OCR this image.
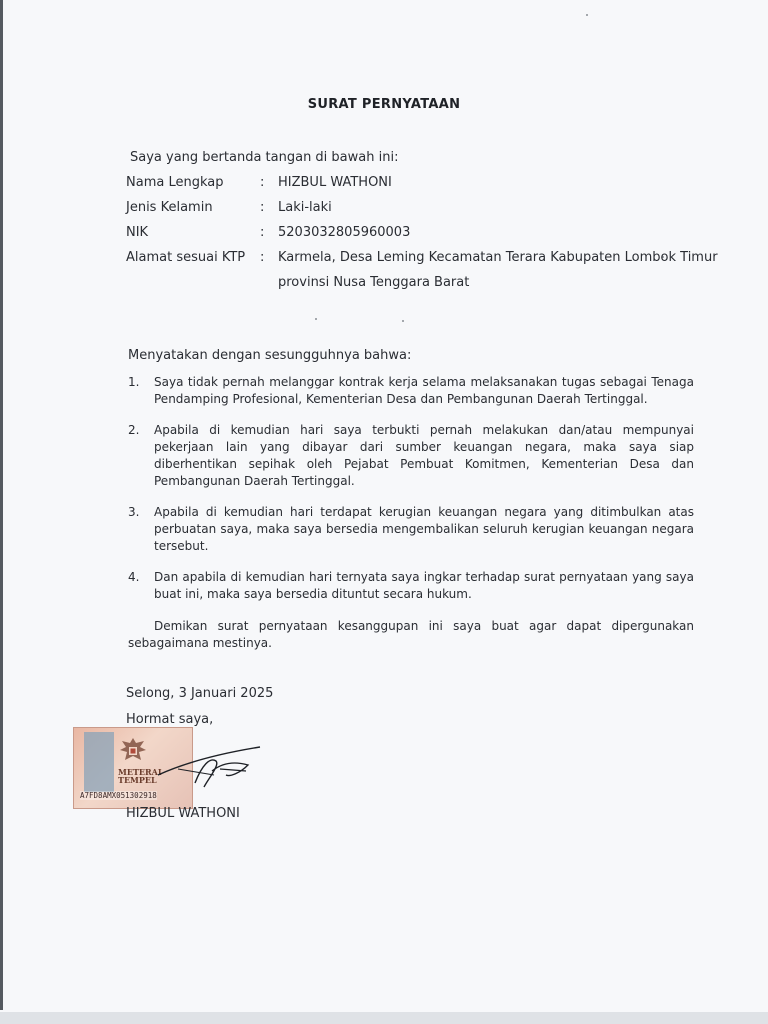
SURAT PERNYATAAN
Saya yang bertanda tangan di bawah ini:
Nama Lengkap	: HIZBUL WATHONI
Jenis Kelamin	: Laki-laki
NIK	: 5203032805960003
Alamat sesuai KTP : Karmela, Desa Leming Kecamatan Terara Kabupaten Lombok Timur provinsi Nusa Tenggara Barat
Menyatakan dengan sesungguhnya bahwa:
1. Saya tidak pernah melanggar kontrak kerja selama melaksanakan tugas sebagai Tenaga Pendamping Profesional, Kementerian Desa dan Pembangunan Daerah Tertinggal.
2. Apabila di kemudian hari saya terbukti pernah melakukan dan/atau mempunyai pekerjaan lain yang dibayar dari sumber keuangan negara, maka saya siap diberhentikan sepihak oleh Pejabat Pembuat Komitmen, Kementerian Desa dan Pembangunan Daerah Tertinggal.
3. Apabila di kemudian hari terdapat kerugian keuangan negara yang ditimbulkan atas perbuatan saya, maka saya bersedia mengembalikan seluruh kerugian keuangan negara tersebut.
4. Dan apabila di kemudian hari ternyata saya ingkar terhadap surat pernyataan yang saya buat ini, maka saya bersedia dituntut secara hukum.
Demikan surat pernyataan kesanggupan ini saya buat agar dapat dipergunakan sebagaimana mestinya.
Selong, 3 Januari 2025
Hormat saya,
METERAI
TEMPEL
A7FD8AMX051302918
HIZBUL WATHONI
